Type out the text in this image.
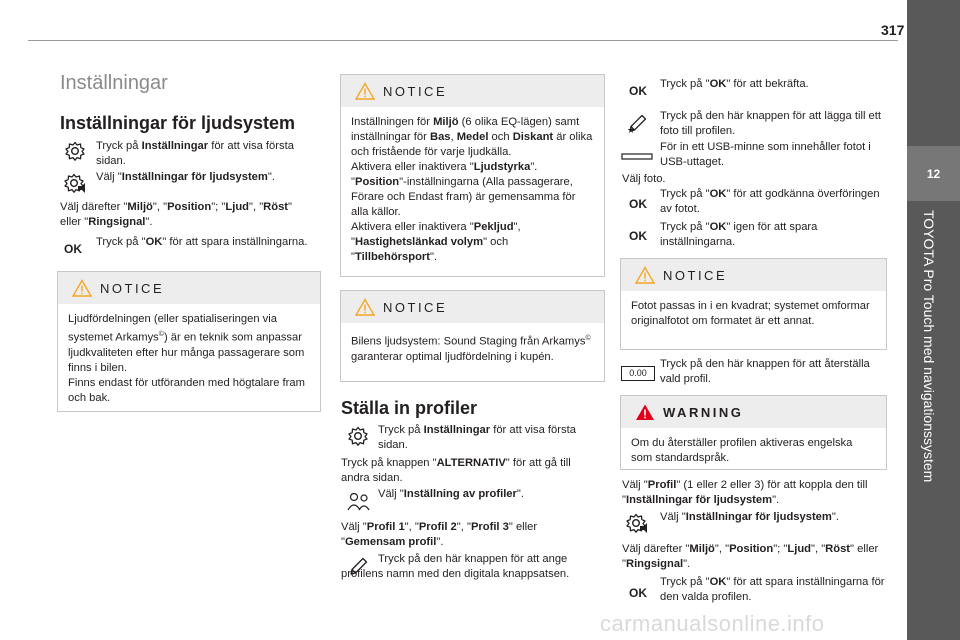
317
12
TOYOTA Pro Touch med navigationssystem
Inställningar
Inställningar för ljudsystem
Tryck på Inställningar för att visa första sidan.
Välj "Inställningar för ljudsystem".
Välj därefter "Miljö", "Position"; "Ljud", "Röst" eller "Ringsignal".
OK	Tryck på "OK" för att spara inställningarna.
NOTICE
Ljudfördelningen (eller spatialiseringen via systemet Arkamys©) är en teknik som anpassar ljudkvaliteten efter hur många passagerare som finns i bilen.
Finns endast för utföranden med högtalare fram och bak.
NOTICE
Inställningen för Miljö (6 olika EQ-lägen) samt inställningar för Bas, Medel och Diskant är olika och fristående för varje ljudkälla.
Aktivera eller inaktivera "Ljudstyrka".
"Position"-inställningarna (Alla passagerare, Förare och Endast fram) är gemensamma för alla källor.
Aktivera eller inaktivera "Pekljud", "Hastighetslänkad volym" och "Tillbehörsport".
NOTICE
Bilens ljudsystem: Sound Staging från Arkamys© garanterar optimal ljudfördelning i kupén.
Ställa in profiler
Tryck på Inställningar för att visa första sidan.
Tryck på knappen "ALTERNATIV" för att gå till andra sidan.
Välj "Inställning av profiler".
Välj "Profil 1", "Profil 2", "Profil 3" eller "Gemensam profil".
Tryck på den här knappen för att ange profilens namn med den digitala knappsatsen.
OK	Tryck på "OK" för att bekräfta.
★
Tryck på den här knappen för att lägga till ett foto till profilen.
För in ett USB-minne som innehåller fotot i USB-uttaget.
Välj foto.
OK
Tryck på "OK" för att godkänna överföringen av fotot.
OK
Tryck på "OK" igen för att spara inställningarna.
NOTICE
Fotot passas in i en kvadrat; systemet omformar originalfotot om formatet är ett annat.
0.00
Tryck på den här knappen för att återställa vald profil.
WARNING
Om du återställer profilen aktiveras engelska som standardspråk.
Välj "Profil" (1 eller 2 eller 3) för att koppla den till "Inställningar för ljudsystem".
Välj "Inställningar för ljudsystem".
Välj därefter "Miljö", "Position"; "Ljud", "Röst" eller "Ringsignal".
OK
Tryck på "OK" för att spara inställningarna för den valda profilen.
carmanualsonline.info
